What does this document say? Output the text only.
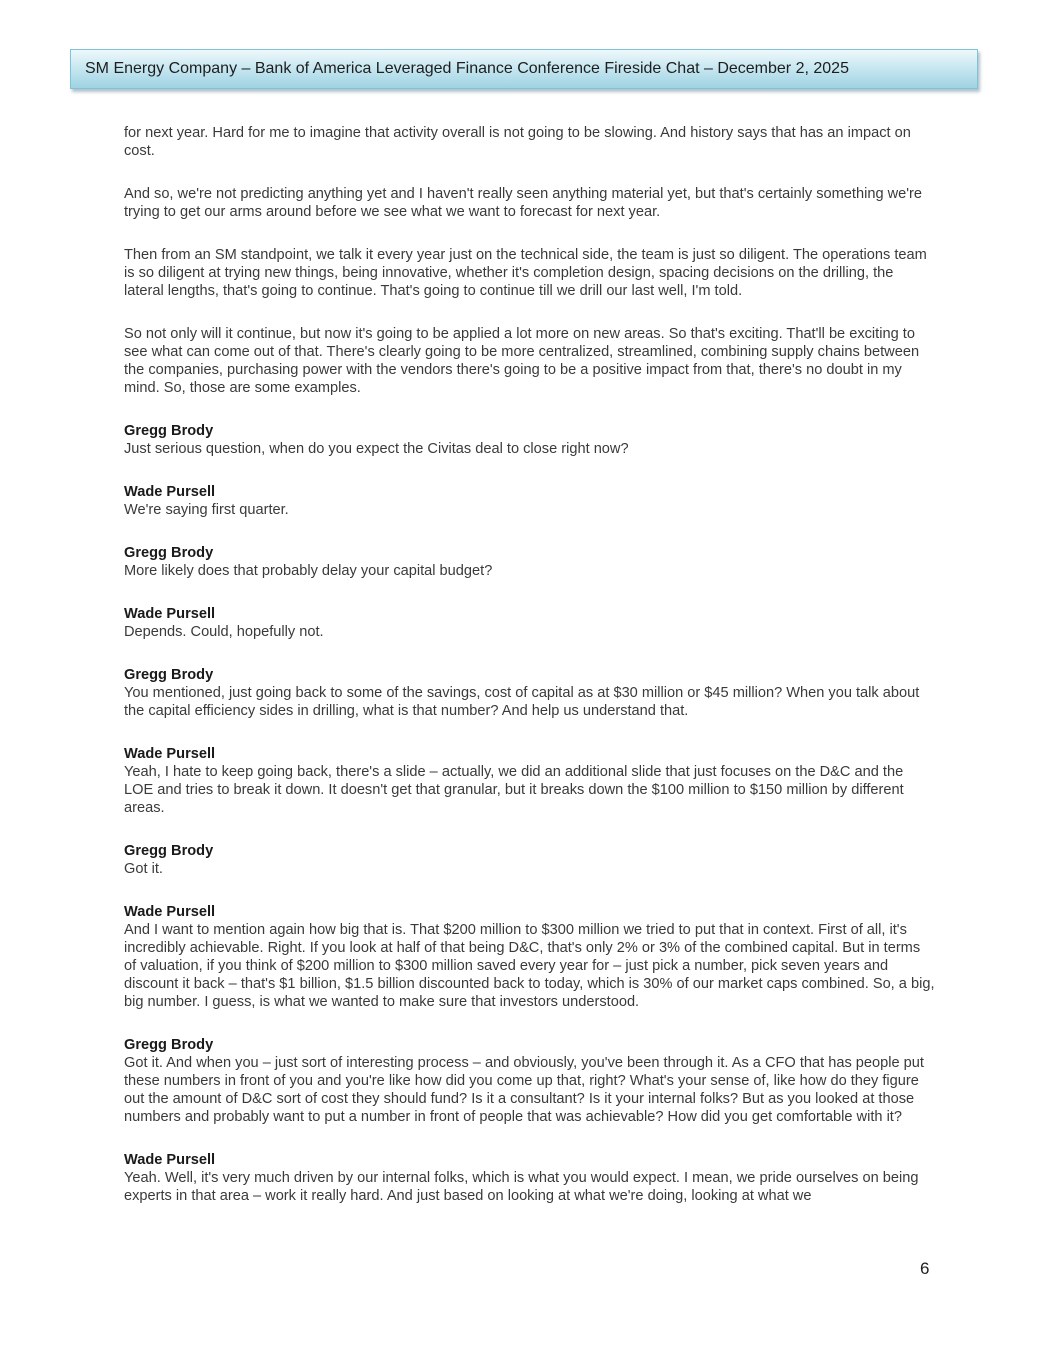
SM Energy Company – Bank of America Leveraged Finance Conference Fireside Chat – December 2, 2025

for next year. Hard for me to imagine that activity overall is not going to be slowing. And history says that has an impact on cost.

And so, we're not predicting anything yet and I haven't really seen anything material yet, but that's certainly something we're trying to get our arms around before we see what we want to forecast for next year.

Then from an SM standpoint, we talk it every year just on the technical side, the team is just so diligent. The operations team is so diligent at trying new things, being innovative, whether it's completion design, spacing decisions on the drilling, the lateral lengths, that's going to continue. That's going to continue till we drill our last well, I'm told.

So not only will it continue, but now it's going to be applied a lot more on new areas. So that's exciting. That'll be exciting to see what can come out of that. There's clearly going to be more centralized, streamlined, combining supply chains between the companies, purchasing power with the vendors there's going to be a positive impact from that, there's no doubt in my mind. So, those are some examples.

Gregg Brody

Just serious question, when do you expect the Civitas deal to close right now?

Wade Pursell

We're saying first quarter.

Gregg Brody

More likely does that probably delay your capital budget?

Wade Pursell

Depends. Could, hopefully not.

Gregg Brody

You mentioned, just going back to some of the savings, cost of capital as at $30 million or $45 million? When you talk about the capital efficiency sides in drilling, what is that number? And help us understand that.

Wade Pursell

Yeah, I hate to keep going back, there's a slide – actually, we did an additional slide that just focuses on the D&C and the LOE and tries to break it down. It doesn't get that granular, but it breaks down the $100 million to $150 million by different areas.

Gregg Brody

Got it.

Wade Pursell

And I want to mention again how big that is. That $200 million to $300 million we tried to put that in context. First of all, it's incredibly achievable. Right. If you look at half of that being D&C, that's only 2% or 3% of the combined capital. But in terms of valuation, if you think of $200 million to $300 million saved every year for – just pick a number, pick seven years and discount it back – that's $1 billion, $1.5 billion discounted back to today, which is 30% of our market caps combined. So, a big, big number. I guess, is what we wanted to make sure that investors understood.

Gregg Brody

Got it. And when you – just sort of interesting process – and obviously, you've been through it. As a CFO that has people put these numbers in front of you and you're like how did you come up that, right? What's your sense of, like how do they figure out the amount of D&C sort of cost they should fund? Is it a consultant? Is it your internal folks? But as you looked at those numbers and probably want to put a number in front of people that was achievable? How did you get comfortable with it?

Wade Pursell

Yeah. Well, it's very much driven by our internal folks, which is what you would expect. I mean, we pride ourselves on being experts in that area – work it really hard. And just based on looking at what we're doing, looking at what we

6
